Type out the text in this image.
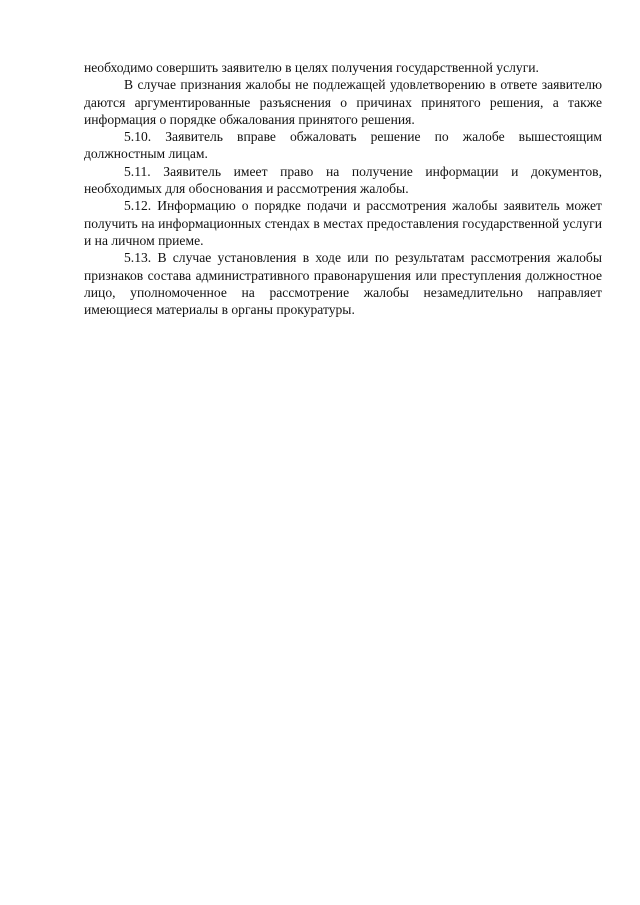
необходимо совершить заявителю в целях получения государственной услуги.

В случае признания жалобы не подлежащей удовлетворению в ответе заявителю даются аргументированные разъяснения о причинах принятого решения, а также информация о порядке обжалования принятого решения.

5.10. Заявитель вправе обжаловать решение по жалобе вышестоящим должностным лицам.

5.11. Заявитель имеет право на получение информации и документов, необходимых для обоснования и рассмотрения жалобы.

5.12. Информацию о порядке подачи и рассмотрения жалобы заявитель может получить на информационных стендах в местах предоставления государственной услуги и на личном приеме.

5.13. В случае установления в ходе или по результатам рассмотрения жалобы признаков состава административного правонарушения или преступления должностное лицо, уполномоченное на рассмотрение жалобы незамедлительно направляет имеющиеся материалы в органы прокуратуры.
